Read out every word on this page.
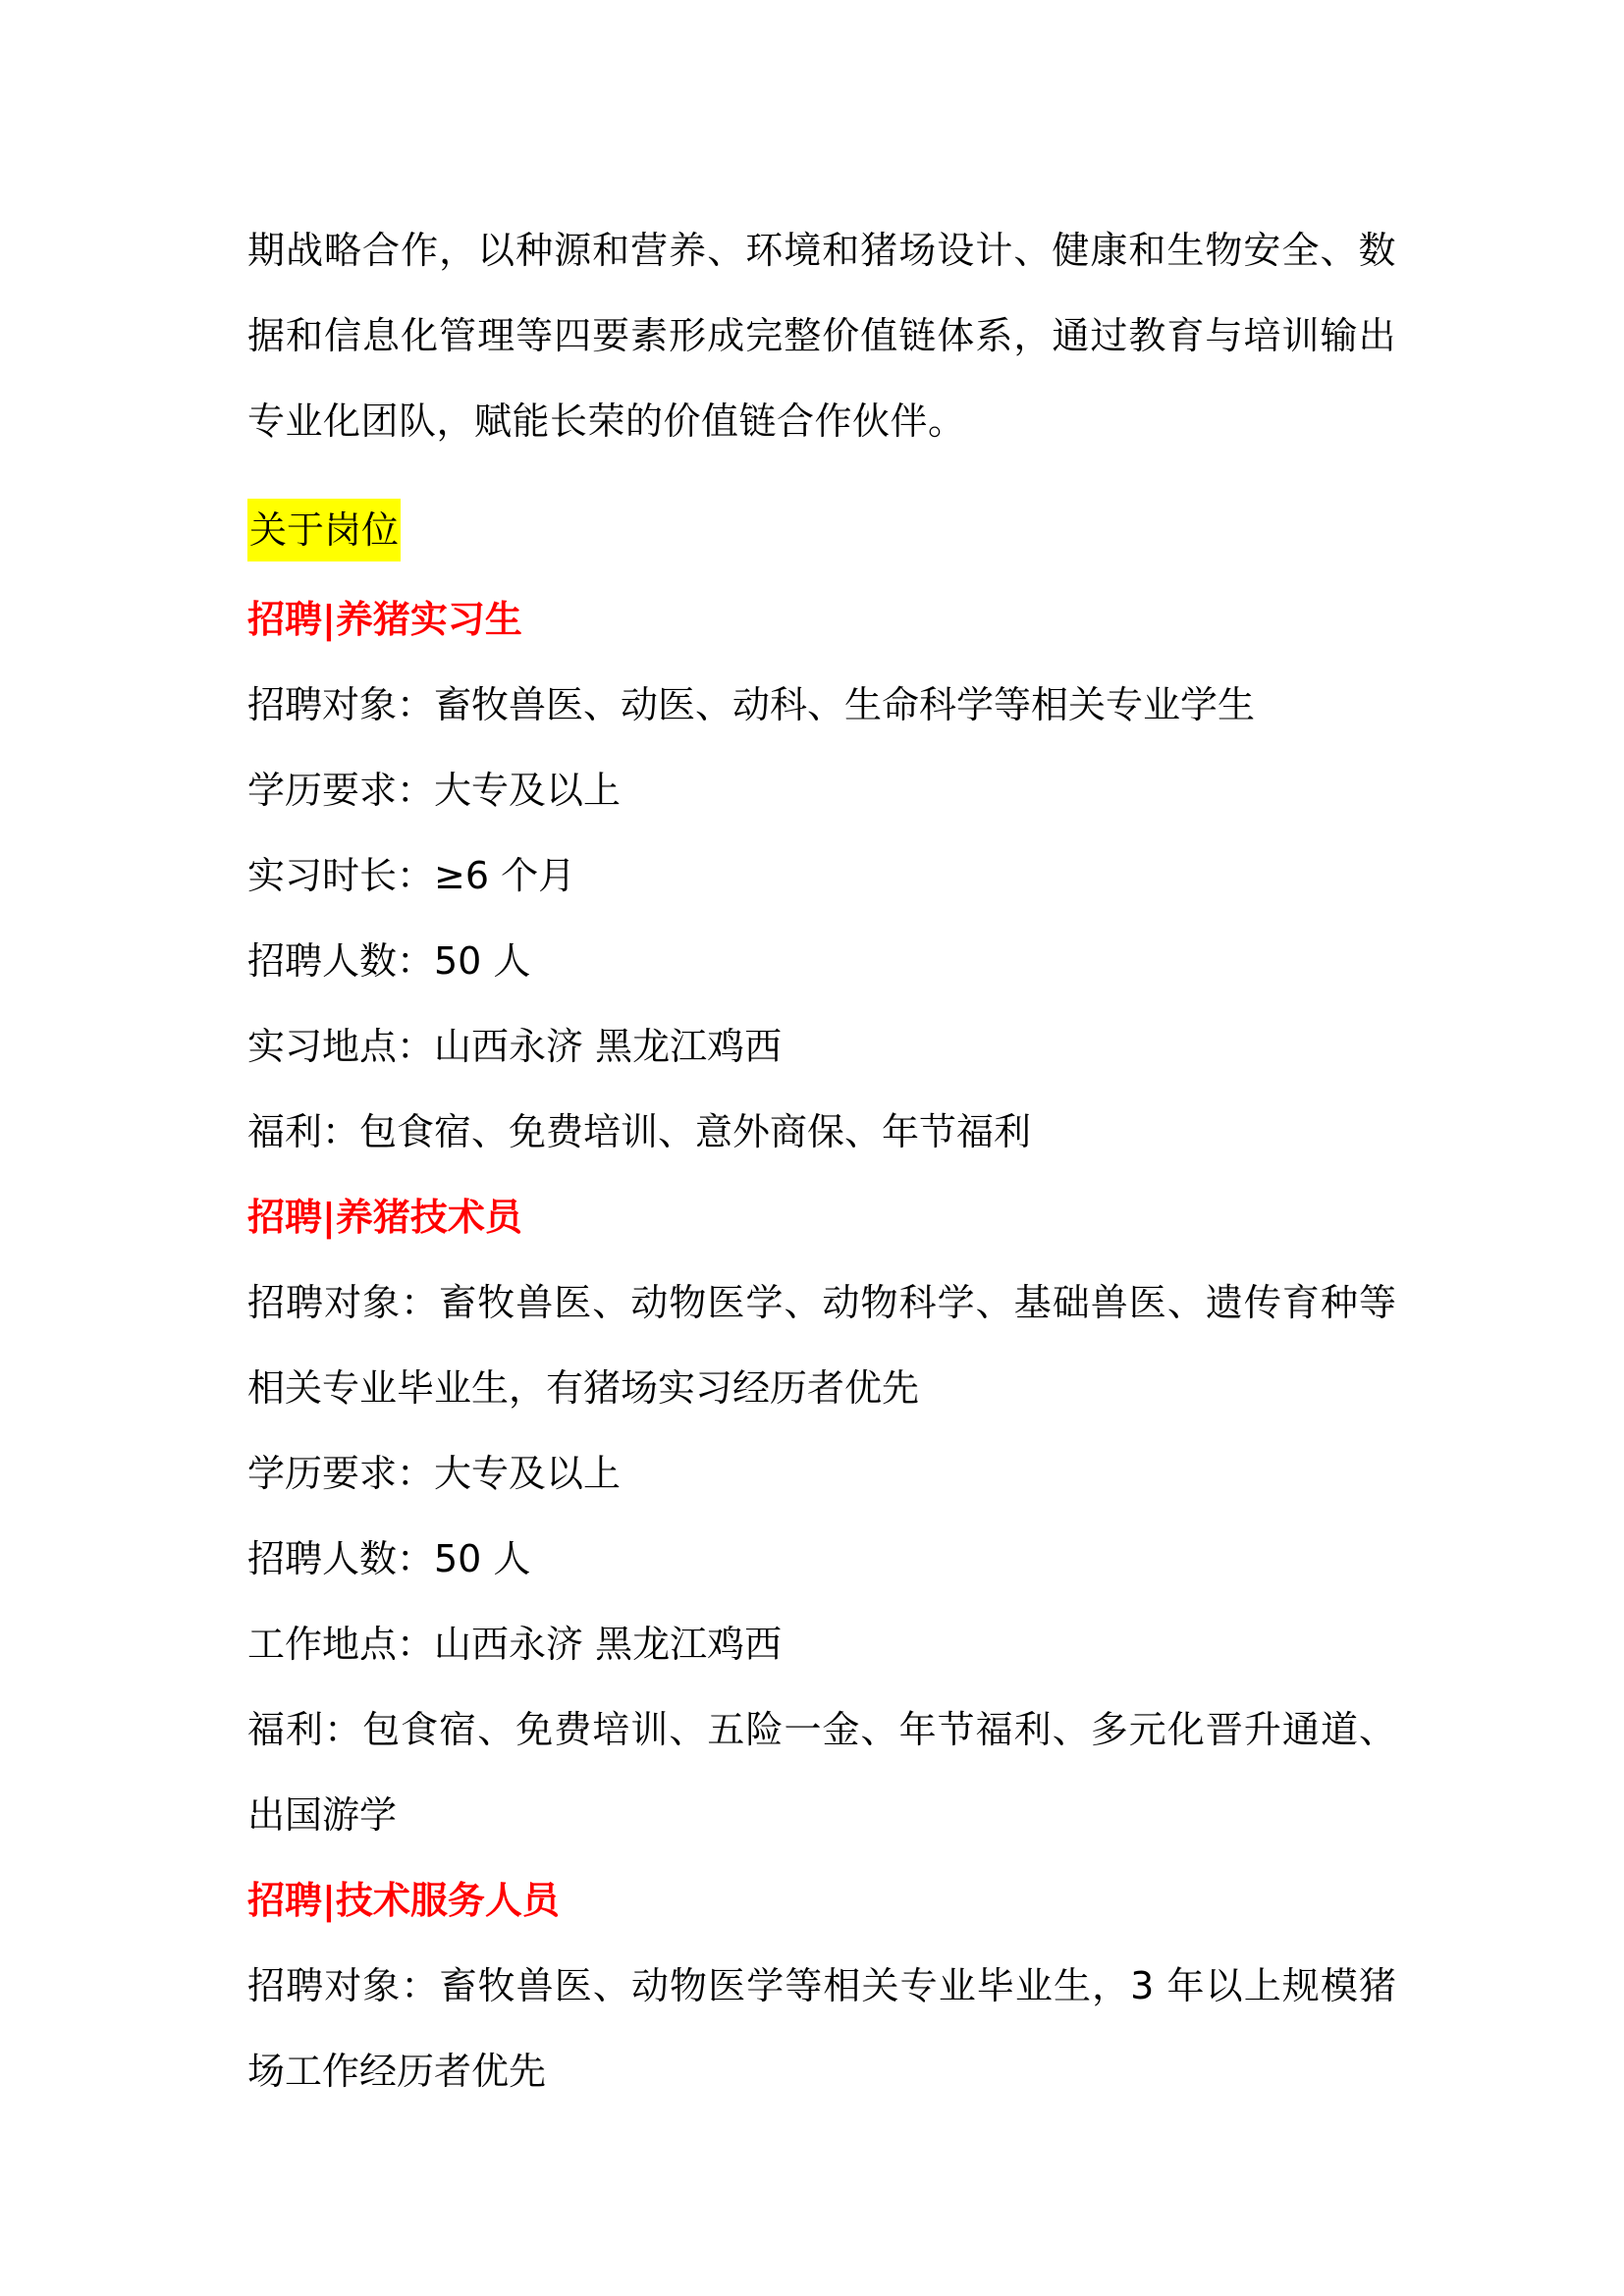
期战略合作，以种源和营养、环境和猪场设计、健康和生物安全、数据和信息化管理等四要素形成完整价值链体系，通过教育与培训输出专业化团队，赋能长荣的价值链合作伙伴。

关于岗位

招聘|养猪实习生

招聘对象：畜牧兽医、动医、动科、生命科学等相关专业学生

学历要求：大专及以上

实习时长：≥6 个月

招聘人数：50 人

实习地点：山西永济 黑龙江鸡西

福利：包食宿、免费培训、意外商保、年节福利

招聘|养猪技术员

招聘对象：畜牧兽医、动物医学、动物科学、基础兽医、遗传育种等相关专业毕业生，有猪场实习经历者优先

学历要求：大专及以上

招聘人数：50 人

工作地点：山西永济 黑龙江鸡西

福利：包食宿、免费培训、五险一金、年节福利、多元化晋升通道、出国游学

招聘|技术服务人员

招聘对象：畜牧兽医、动物医学等相关专业毕业生，3 年以上规模猪场工作经历者优先
